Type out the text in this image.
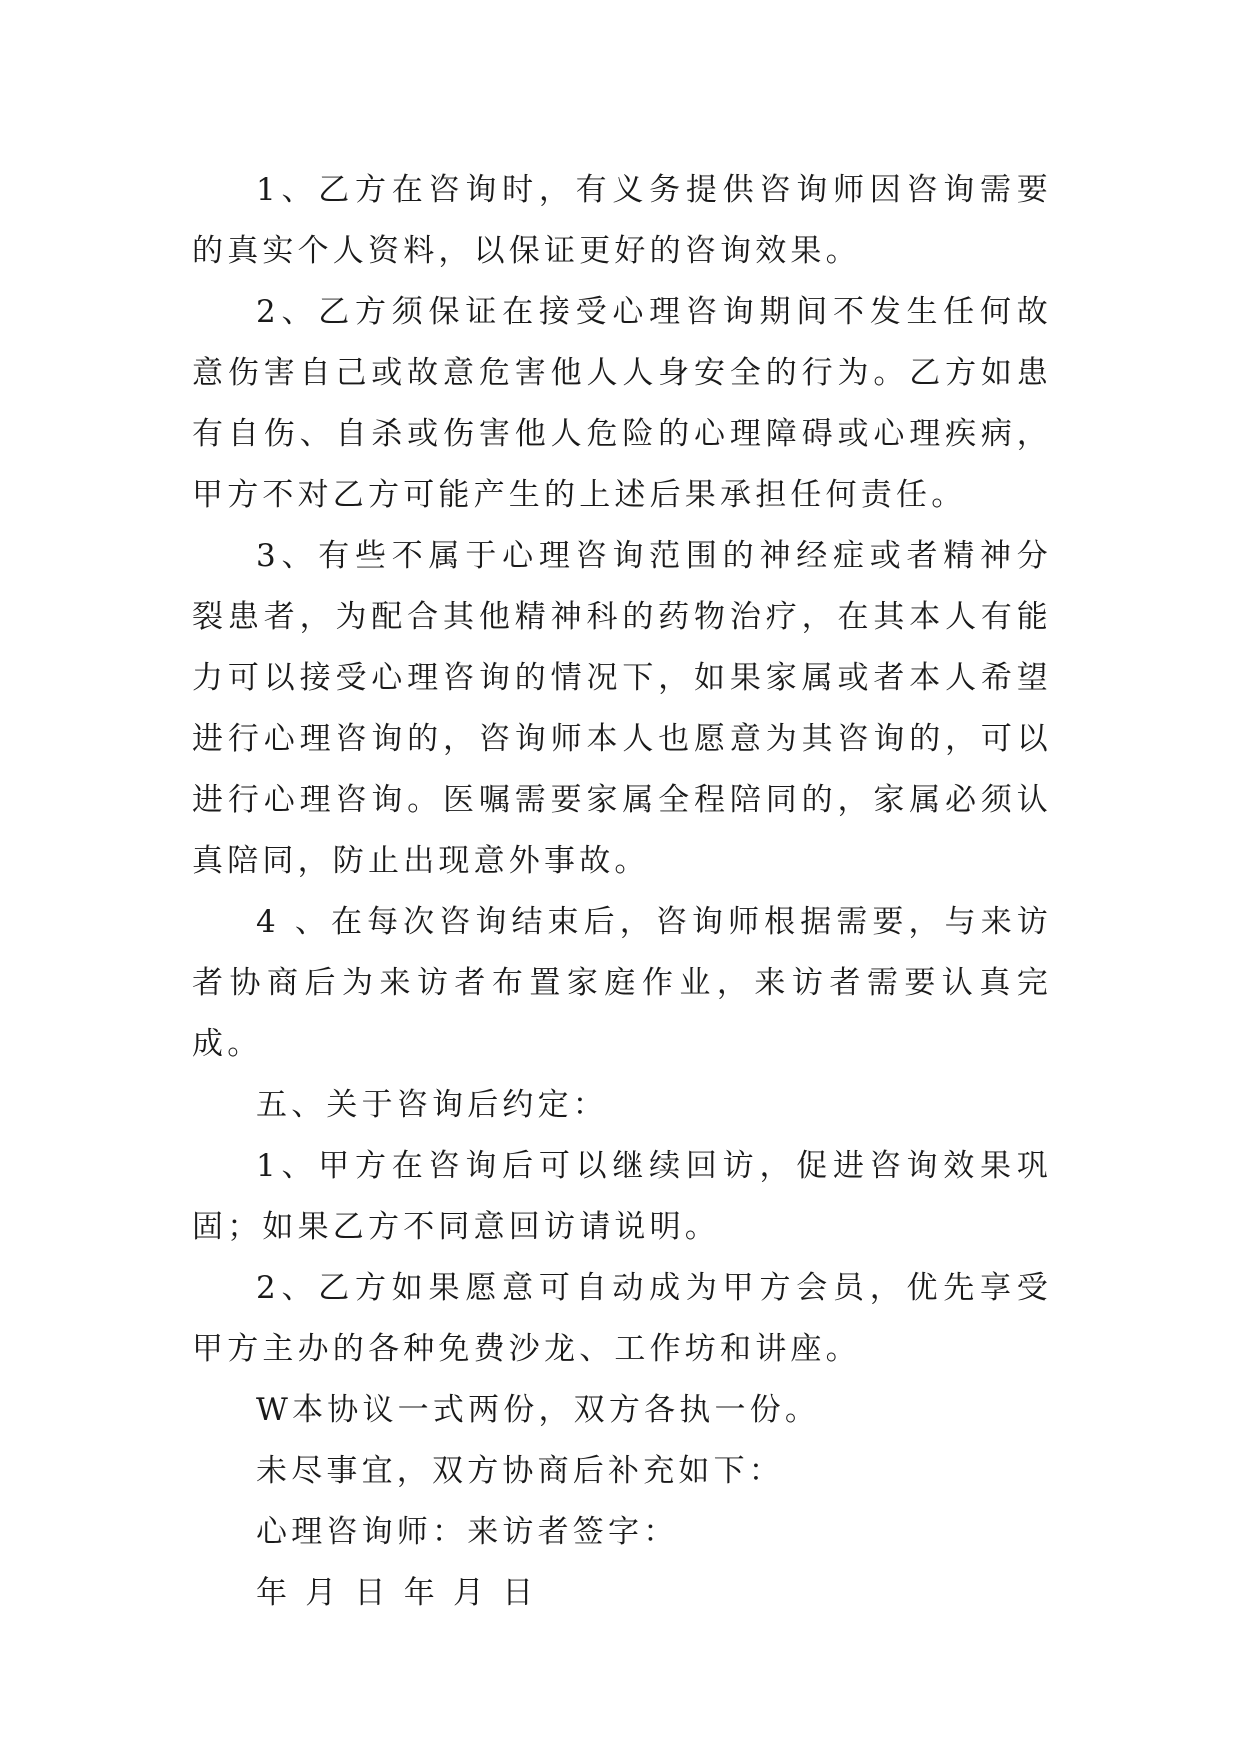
1、乙方在咨询时，有义务提供咨询师因咨询需要的真实个人资料，以保证更好的咨询效果。

2、乙方须保证在接受心理咨询期间不发生任何故意伤害自己或故意危害他人人身安全的行为。乙方如患有自伤、自杀或伤害他人危险的心理障碍或心理疾病，甲方不对乙方可能产生的上述后果承担任何责任。

3、有些不属于心理咨询范围的神经症或者精神分裂患者，为配合其他精神科的药物治疗，在其本人有能力可以接受心理咨询的情况下，如果家属或者本人希望进行心理咨询的，咨询师本人也愿意为其咨询的，可以进行心理咨询。医嘱需要家属全程陪同的，家属必须认真陪同，防止出现意外事故。

4 、在每次咨询结束后，咨询师根据需要，与来访者协商后为来访者布置家庭作业，来访者需要认真完成。

五、关于咨询后约定：

1、甲方在咨询后可以继续回访，促进咨询效果巩固；如果乙方不同意回访请说明。

2、乙方如果愿意可自动成为甲方会员，优先享受甲方主办的各种免费沙龙、工作坊和讲座。

W本协议一式两份，双方各执一份。

未尽事宜，双方协商后补充如下：

心理咨询师：来访者签字：

年 月 日 年 月 日
